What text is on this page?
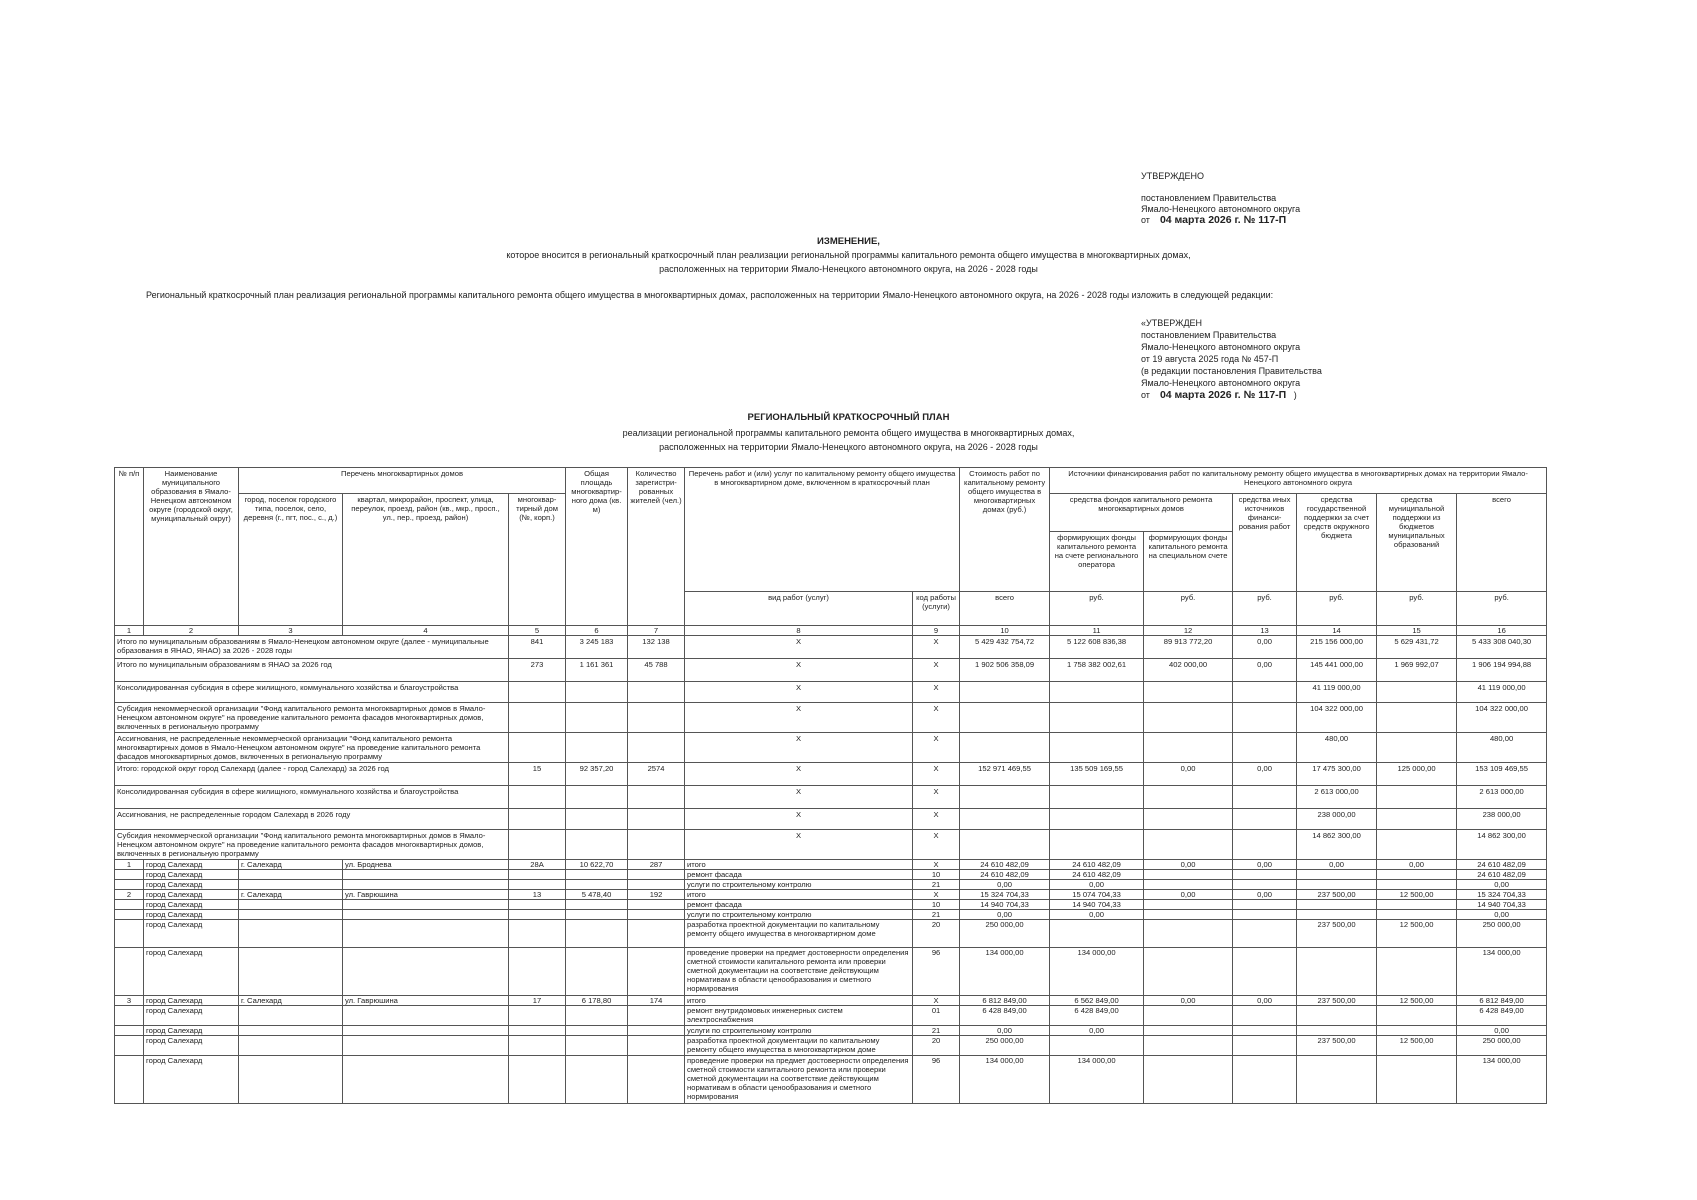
УТВЕРЖДЕНО
постановлением Правительства
Ямало-Ненецкого автономного округа
от 04 марта 2026 г. № 117-П
ИЗМЕНЕНИЕ,
которое вносится в региональный краткосрочный план реализации региональной программы капитального ремонта общего имущества в многоквартирных домах,
расположенных на территории Ямало-Ненецкого автономного округа, на 2026 - 2028 годы
Региональный краткосрочный план реализация региональной программы капитального ремонта общего имущества в многоквартирных домах, расположенных на территории Ямало-Ненецкого автономного округа, на 2026 - 2028 годы изложить в следующей редакции:
«УТВЕРЖДЕН
постановлением Правительства
Ямало-Ненецкого автономного округа
от 19 августа 2025 года № 457-П
(в редакции постановления Правительства
Ямало-Ненецкого автономного округа
от 04 марта 2026 г. № 117-П )
РЕГИОНАЛЬНЫЙ КРАТКОСРОЧНЫЙ ПЛАН
реализации региональной программы капитального ремонта общего имущества в многоквартирных домах,
расположенных на территории Ямало-Ненецкого автономного округа, на 2026 - 2028 годы
№ п/п	Наименование муниципального образования в Ямало-Ненецком автономном округе (городской округ, муниципальный округ)	Перечень многоквартирных домов			Общая площадь многоквартир-ного дома (кв. м)	Количество зарегистри-рованных жителей (чел.)	Перечень работ и (или) услуг по капитальному ремонту общего имущества в многоквартирном доме, включенном в краткосрочный план		Стоимость работ по капитальному ремонту общего имущества в многоквартирных домах (руб.)	Источники финансирования работ по капитальному ремонту общего имущества в многоквартирных домах на территории Ямало-Ненецкого автономного округа					
		город, поселок городского типа, поселок, село, деревня (г., пгт, пос., с., д.)	квартал, микрорайон, проспект, улица, переулок, проезд, район (кв., мкр., просп., ул., пер., проезд, район)	многоквар-тирный дом (№, корп.)						средства фондов капитального ремонта многоквартирных домов		средства иных источников финанси-рования работ	средства государственной поддержки за счет средств окружного бюджета	средства муниципальной поддержки из бюджетов муниципальных образований	всего
										формирующих фонды капитального ремонта на счете регионального оператора	формирующих фонды капитального ремонта на специальном счете				
							вид работ (услуг)	код работы (услуги)	всего	руб.	руб.	руб.	руб.	руб.	руб.
1	2	3	4	5	6	7	8	9	10	11	12	13	14	15	16
Итого по муниципальным образованиям в Ямало-Ненецком автономном округе (далее - муниципальные образования в ЯНАО, ЯНАО) за 2026 - 2028 годы				841	3 245 183	132 138	X	X	5 429 432 754,72	5 122 608 836,38	89 913 772,20	0,00	215 156 000,00	5 629 431,72	5 433 308 040,30
Итого по муниципальным образованиям в ЯНАО за 2026 год				273	1 161 361	45 788	X	X	1 902 506 358,09	1 758 382 002,61	402 000,00	0,00	145 441 000,00	1 969 992,07	1 906 194 994,88
Консолидированная субсидия в сфере жилищного, коммунального хозяйства и благоустройства							X	X					41 119 000,00		41 119 000,00
Субсидия некоммерческой организации "Фонд капитального ремонта многоквартирных домов в Ямало-Ненецком автономном округе" на проведение капитального ремонта фасадов многоквартирных домов, включенных в региональную программу							X	X					104 322 000,00		104 322 000,00
Ассигнования, не распределенные некоммерческой организации "Фонд капитального ремонта многоквартирных домов в Ямало-Ненецком автономном округе" на проведение капитального ремонта фасадов многоквартирных домов, включенных в региональную программу							X	X					480,00		480,00
Итого: городской округ город Салехард (далее - город Салехард) за 2026 год				15	92 357,20	2574	X	X	152 971 469,55	135 509 169,55	0,00	0,00	17 475 300,00	125 000,00	153 109 469,55
Консолидированная субсидия в сфере жилищного, коммунального хозяйства и благоустройства							X	X					2 613 000,00		2 613 000,00
Ассигнования, не распределенные городом Салехард в 2026 году							X	X					238 000,00		238 000,00
Субсидия некоммерческой организации "Фонд капитального ремонта многоквартирных домов в Ямало-Ненецком автономном округе" на проведение капитального ремонта фасадов многоквартирных домов, включенных в региональную программу							X	X					14 862 300,00		14 862 300,00
1	город Салехард	г. Салехард	ул. Броднева	28А	10 622,70	287	итого	X	24 610 482,09	24 610 482,09	0,00	0,00	0,00	0,00	24 610 482,09
	город Салехард						ремонт фасада	10	24 610 482,09	24 610 482,09					24 610 482,09
	город Салехард						услуги по строительному контролю	21	0,00	0,00					0,00
2	город Салехард	г. Салехард	ул. Гаврюшина	13	5 478,40	192	итого	X	15 324 704,33	15 074 704,33	0,00	0,00	237 500,00	12 500,00	15 324 704,33
	город Салехард						ремонт фасада	10	14 940 704,33	14 940 704,33					14 940 704,33
	город Салехард						услуги по строительному контролю	21	0,00	0,00					0,00
	город Салехард						разработка проектной документации по капитальному ремонту общего имущества в многоквартирном доме	20	250 000,00				237 500,00	12 500,00	250 000,00
	город Салехард						проведение проверки на предмет достоверности определения сметной стоимости капитального ремонта или проверки сметной документации на соответствие действующим нормативам в области ценообразования и сметного нормирования	96	134 000,00	134 000,00					134 000,00
3	город Салехард	г. Салехард	ул. Гаврюшина	17	6 178,80	174	итого	X	6 812 849,00	6 562 849,00	0,00	0,00	237 500,00	12 500,00	6 812 849,00
	город Салехард						ремонт внутридомовых инженерных систем электроснабжения	01	6 428 849,00	6 428 849,00					6 428 849,00
	город Салехард						услуги по строительному контролю	21	0,00	0,00					0,00
	город Салехард						разработка проектной документации по капитальному ремонту общего имущества в многоквартирном доме	20	250 000,00				237 500,00	12 500,00	250 000,00
	город Салехард						проведение проверки на предмет достоверности определения сметной стоимости капитального ремонта или проверки сметной документации на соответствие действующим нормативам в области ценообразования и сметного нормирования	96	134 000,00	134 000,00					134 000,00
